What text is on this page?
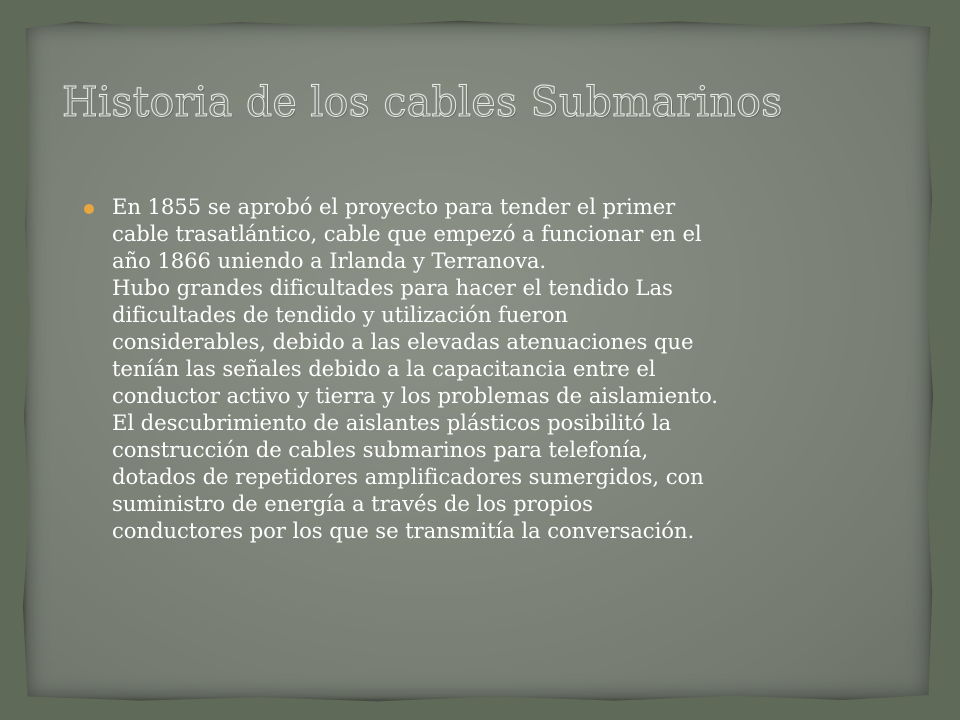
Historia de los cables Submarinos
En 1855 se aprobó el proyecto para tender el primer
cable trasatlántico, cable que empezó a funcionar en el
año 1866 uniendo a Irlanda y Terranova.
Hubo grandes dificultades para hacer el tendido Las
dificultades de tendido y utilización fueron
considerables, debido a las elevadas atenuaciones que
teníán las señales debido a la capacitancia entre el
conductor activo y tierra y los problemas de aislamiento.
El descubrimiento de aislantes plásticos posibilitó la
construcción de cables submarinos para telefonía,
dotados de repetidores amplificadores sumergidos, con
suministro de energía a través de los propios
conductores por los que se transmitía la conversación.
